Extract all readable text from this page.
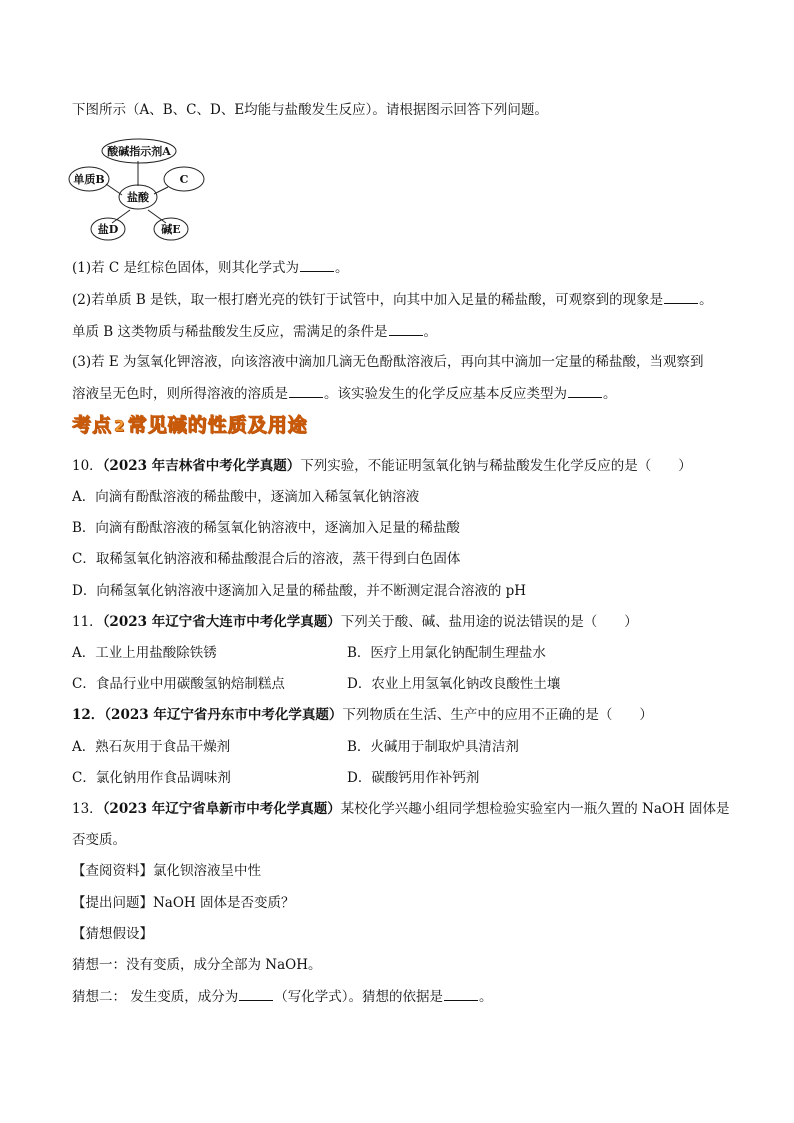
下图所示（A、B、C、D、E均能与盐酸发生反应）。请根据图示回答下列问题。
酸碱指示剂A
单质B	C
盐酸
盐D	碱E
(1)若 C 是红棕色固体，则其化学式为	。
(2)若单质 B 是铁，取一根打磨光亮的铁钉于试管中，向其中加入足量的稀盐酸，可观察到的现象是	。
单质 B 这类物质与稀盐酸发生反应，需满足的条件是	。
(3)若 E 为氢氧化钾溶液，向该溶液中滴加几滴无色酚酞溶液后，再向其中滴加一定量的稀盐酸，当观察到
溶液呈无色时，则所得溶液的溶质是	。该实验发生的化学反应基本反应类型为	。
考点 2 常见碱的性质及用途
10．（2023 年吉林省中考化学真题）下列实验，不能证明氢氧化钠与稀盐酸发生化学反应的是（　　）
A．向滴有酚酞溶液的稀盐酸中，逐滴加入稀氢氧化钠溶液
B．向滴有酚酞溶液的稀氢氧化钠溶液中，逐滴加入足量的稀盐酸
C．取稀氢氧化钠溶液和稀盐酸混合后的溶液，蒸干得到白色固体
D．向稀氢氧化钠溶液中逐滴加入足量的稀盐酸，并不断测定混合溶液的 pH
11．（2023 年辽宁省大连市中考化学真题）下列关于酸、碱、盐用途的说法错误的是（　　）
A．工业上用盐酸除铁锈	B．医疗上用氯化钠配制生理盐水
C．食品行业中用碳酸氢钠焙制糕点	D．农业上用氢氧化钠改良酸性土壤
12．（2023 年辽宁省丹东市中考化学真题）下列物质在生活、生产中的应用不正确的是（　　）
A．熟石灰用于食品干燥剂	B．火碱用于制取炉具清洁剂
C．氯化钠用作食品调味剂	D．碳酸钙用作补钙剂
13．（2023 年辽宁省阜新市中考化学真题）某校化学兴趣小组同学想检验实验室内一瓶久置的 NaOH 固体是
否变质。
【查阅资料】氯化钡溶液呈中性
【提出问题】NaOH 固体是否变质？
【猜想假设】
猜想一：没有变质，成分全部为 NaOH。
猜想二： 发生变质，成分为	（写化学式）。猜想的依据是	。
